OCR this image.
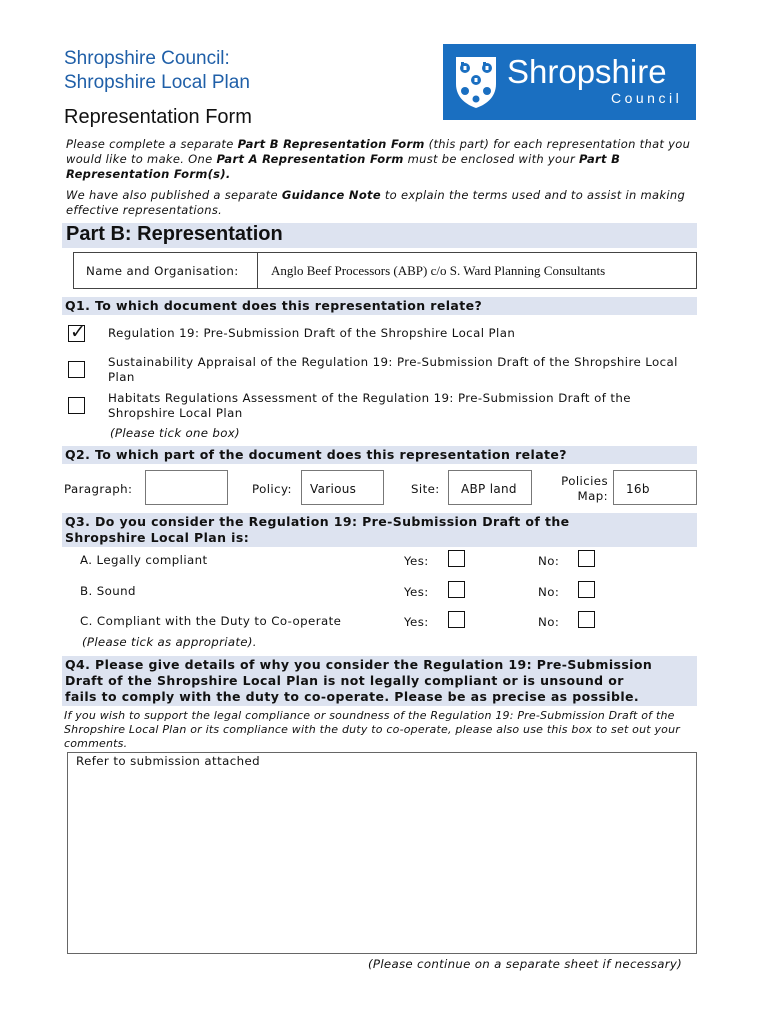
Shropshire Council:
Shropshire Local Plan
Representation Form
Shropshire
Council
Please complete a separate Part B Representation Form (this part) for each representation that you would like to make. One Part A Representation Form must be enclosed with your Part B Representation Form(s).
We have also published a separate Guidance Note to explain the terms used and to assist in making effective representations.
Part B: Representation
Name and Organisation: Anglo Beef Processors (ABP) c/o S. Ward Planning Consultants
Q1. To which document does this representation relate?
✓ Regulation 19: Pre-Submission Draft of the Shropshire Local Plan
Sustainability Appraisal of the Regulation 19: Pre-Submission Draft of the Shropshire Local Plan
Habitats Regulations Assessment of the Regulation 19: Pre-Submission Draft of the Shropshire Local Plan
(Please tick one box)
Q2. To which part of the document does this representation relate?
Paragraph:	Policy:	Various	Site:	ABP land
Policies
Map:	16b
Q3. Do you consider the Regulation 19: Pre-Submission Draft of the
Shropshire Local Plan is:
A. Legally compliant	Yes:	No:
B. Sound	Yes:	No:
C. Compliant with the Duty to Co-operate	Yes:	No:
(Please tick as appropriate).
Q4. Please give details of why you consider the Regulation 19: Pre-Submission
Draft of the Shropshire Local Plan is not legally compliant or is unsound or
fails to comply with the duty to co-operate. Please be as precise as possible.
If you wish to support the legal compliance or soundness of the Regulation 19: Pre-Submission Draft of the Shropshire Local Plan or its compliance with the duty to co-operate, please also use this box to set out your comments.
Refer to submission attached
(Please continue on a separate sheet if necessary)
